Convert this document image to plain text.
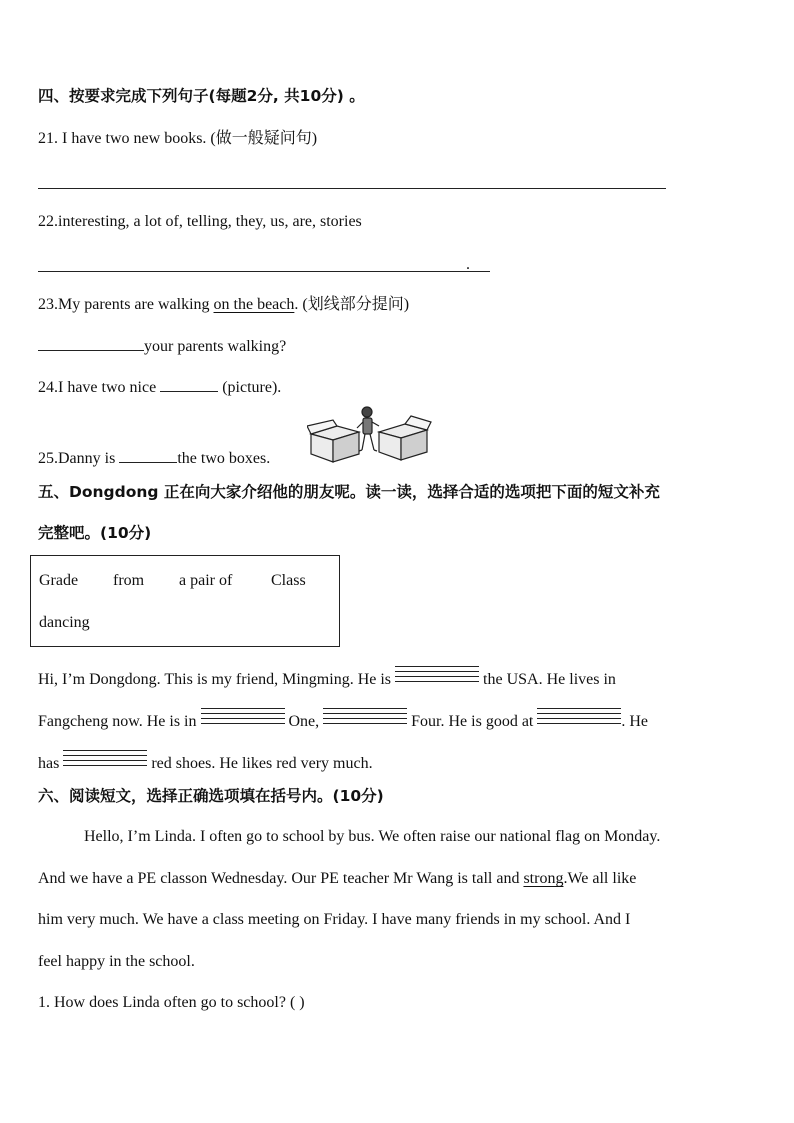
四、按要求完成下列句子(每题2分, 共10分) 。
21. I have two new books. (做一般疑问句)
22.interesting, a lot of, telling, they, us, are, stories
.
23.My parents are walking on the beach. (划线部分提问)
your parents walking?
24.I have two nice	(picture).
25.Danny is	the two boxes.
五、Dongdong 正在向大家介绍他的朋友呢。读一读，选择合适的选项把下面的短文补充
完整吧。(10分)
Grade from a pair of Class
dancing
Hi, I’m Dongdong. This is my friend, Mingming. He is	the USA. He lives in
Fangcheng now. He is in	One,	Four. He is good at	. He
has	red shoes. He likes red very much.
六、阅读短文，选择正确选项填在括号内。(10分)
Hello, I’m Linda. I often go to school by bus. We often raise our national flag on Monday.
And we have a PE classon Wednesday. Our PE teacher Mr Wang is tall and strong.We all like
him very much. We have a class meeting on Friday. I have many friends in my school. And I
feel happy in the school.
1. How does Linda often go to school? ( )
